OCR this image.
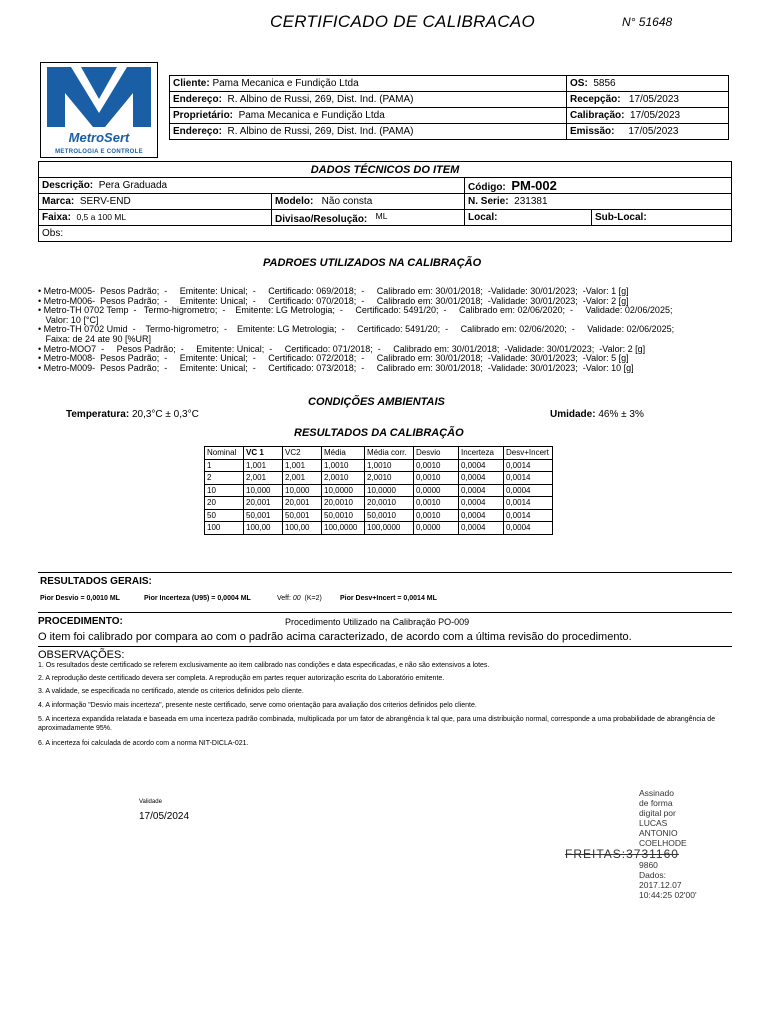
CERTIFICADO DE CALIBRACAO	N° 51648
MetroSert
METROLOGIA E CONTROLE
Cliente: Pama Mecanica e Fundição Ltda	OS: 5856
Endereço: R. Albino de Russi, 269, Dist. Ind. (PAMA)	Recepção: 17/05/2023
Proprietário: Pama Mecanica e Fundição Ltda	Calibração: 17/05/2023
Endereço: R. Albino de Russi, 269, Dist. Ind. (PAMA)	Emissão: 17/05/2023
DADOS TÉCNICOS DO ITEM			
Descrição: Pera Graduada		Código: PM-002	
Marca: SERV-END	Modelo: Não consta	N. Serie: 231381	
Faixa: 0,5 a 100 ML	Divisao/Resolução: $^{ML}$	Local:	Sub-Local:
Obs:			
PADROES UTILIZADOS NA CALIBRAÇÃO
• Metro-M005-  Pesos Padrão;  -     Emitente: Unical;  -     Certificado: 069/2018;  -     Calibrado em: 30/01/2018;  -Validade: 30/01/2023;  -Valor: 1 [g]
• Metro-M006-  Pesos Padrão;  -     Emitente: Unical;  -     Certificado: 070/2018;  -     Calibrado em: 30/01/2018;  -Validade: 30/01/2023;  -Valor: 2 [g]
• Metro-TH 0702 Temp  -   Termo-higrometro;  -    Emitente: LG Metrologia;  -     Certificado: 5491/20;  -     Calibrado em: 02/06/2020;  -     Validade: 02/06/2025;
Valor: 10 [°C]
• Metro-TH 0702 Umid  -    Termo-higrometro;  -    Emitente: LG Metrologia;  -     Certificado: 5491/20;  -     Calibrado em: 02/06/2020;  -     Validade: 02/06/2025;
Faixa: de 24 ate 90 [%UR]
• Metro-MOO7  -     Pesos Padrão;  -     Emitente: Unical;  -     Certificado: 071/2018;  -     Calibrado em: 30/01/2018;  -Validade: 30/01/2023;  -Valor: 2 [g]
• Metro-M008-  Pesos Padrão;  -     Emitente: Unical;  -     Certificado: 072/2018;  -     Calibrado em: 30/01/2018;  -Validade: 30/01/2023;  -Valor: 5 [g]
• Metro-M009-  Pesos Padrão;  -     Emitente: Unical;  -     Certificado: 073/2018;  -     Calibrado em: 30/01/2018;  -Validade: 30/01/2023;  -Valor: 10 [g]
CONDIÇÕES AMBIENTAIS
Temperatura: 20,3°C ± 0,3°C	Umidade: 46% ± 3%
RESULTADOS DA CALIBRAÇÃO
Nominal	VC 1	VC2	Média	Média corr.	Desvio	Incerteza	Desv+Incert
1	1,001	1,001	1,0010	1,0010	0,0010	0,0004	0,0014
2	2,001	2,001	2,0010	2,0010	0,0010	0,0004	0,0014
10	10,000	10,000	10,0000	10,0000	0,0000	0,0004	0,0004
20	20,001	20,001	20,0010	20,0010	0,0010	0,0004	0,0014
50	50,001	50,001	50,0010	50,0010	0,0010	0,0004	0,0014
100	100,00	100,00	100,0000	100,0000	0,0000	0,0004	0,0004
RESULTADOS GERAIS:
Pior Desvio = 0,0010 ML	Pior Incerteza (U95) = 0,0004 ML	Veff: 00 (K=2)	Pior Desv+Incert = 0,0014 ML
PROCEDIMENTO:	Procedimento Utilizado na Calibração PO-009
O item foi calibrado por compara ao com o padrão acima caracterizado, de acordo com a última revisão do procedimento.
OBSERVAÇÕES:
1. Os resultados deste certificado se referem exclusivamente ao item calibrado nas condições e data especificadas, e não são extensivos a lotes.
2. A reprodução deste certificado devera ser completa. A reprodução em partes requer autorização escrita do Laboratório emitente.
3. A validade, se especificada no certificado, atende os criterios definidos pelo cliente.
4. A informação "Desvio mais incerteza", presente neste certificado, serve como orientação para avaliação dos criterios definidos pelo cliente.
5. A incerteza expandida relatada e baseada em uma incerteza padrão combinada, multiplicada por um fator de abrangência k tal que, para uma distribuição normal, corresponde a uma probabilidade de abrangência de aproximadamente 95%.
6. A incerteza foi calculada de acordo com a norma NIT-DICLA-021.
Validade
17/05/2024
Assinado
de forma
digital por
LUCAS
ANTONIO
COELHODE
FREITAS:3731160
9860
Dados:
2017.12.07
10:44:25 02'00'
